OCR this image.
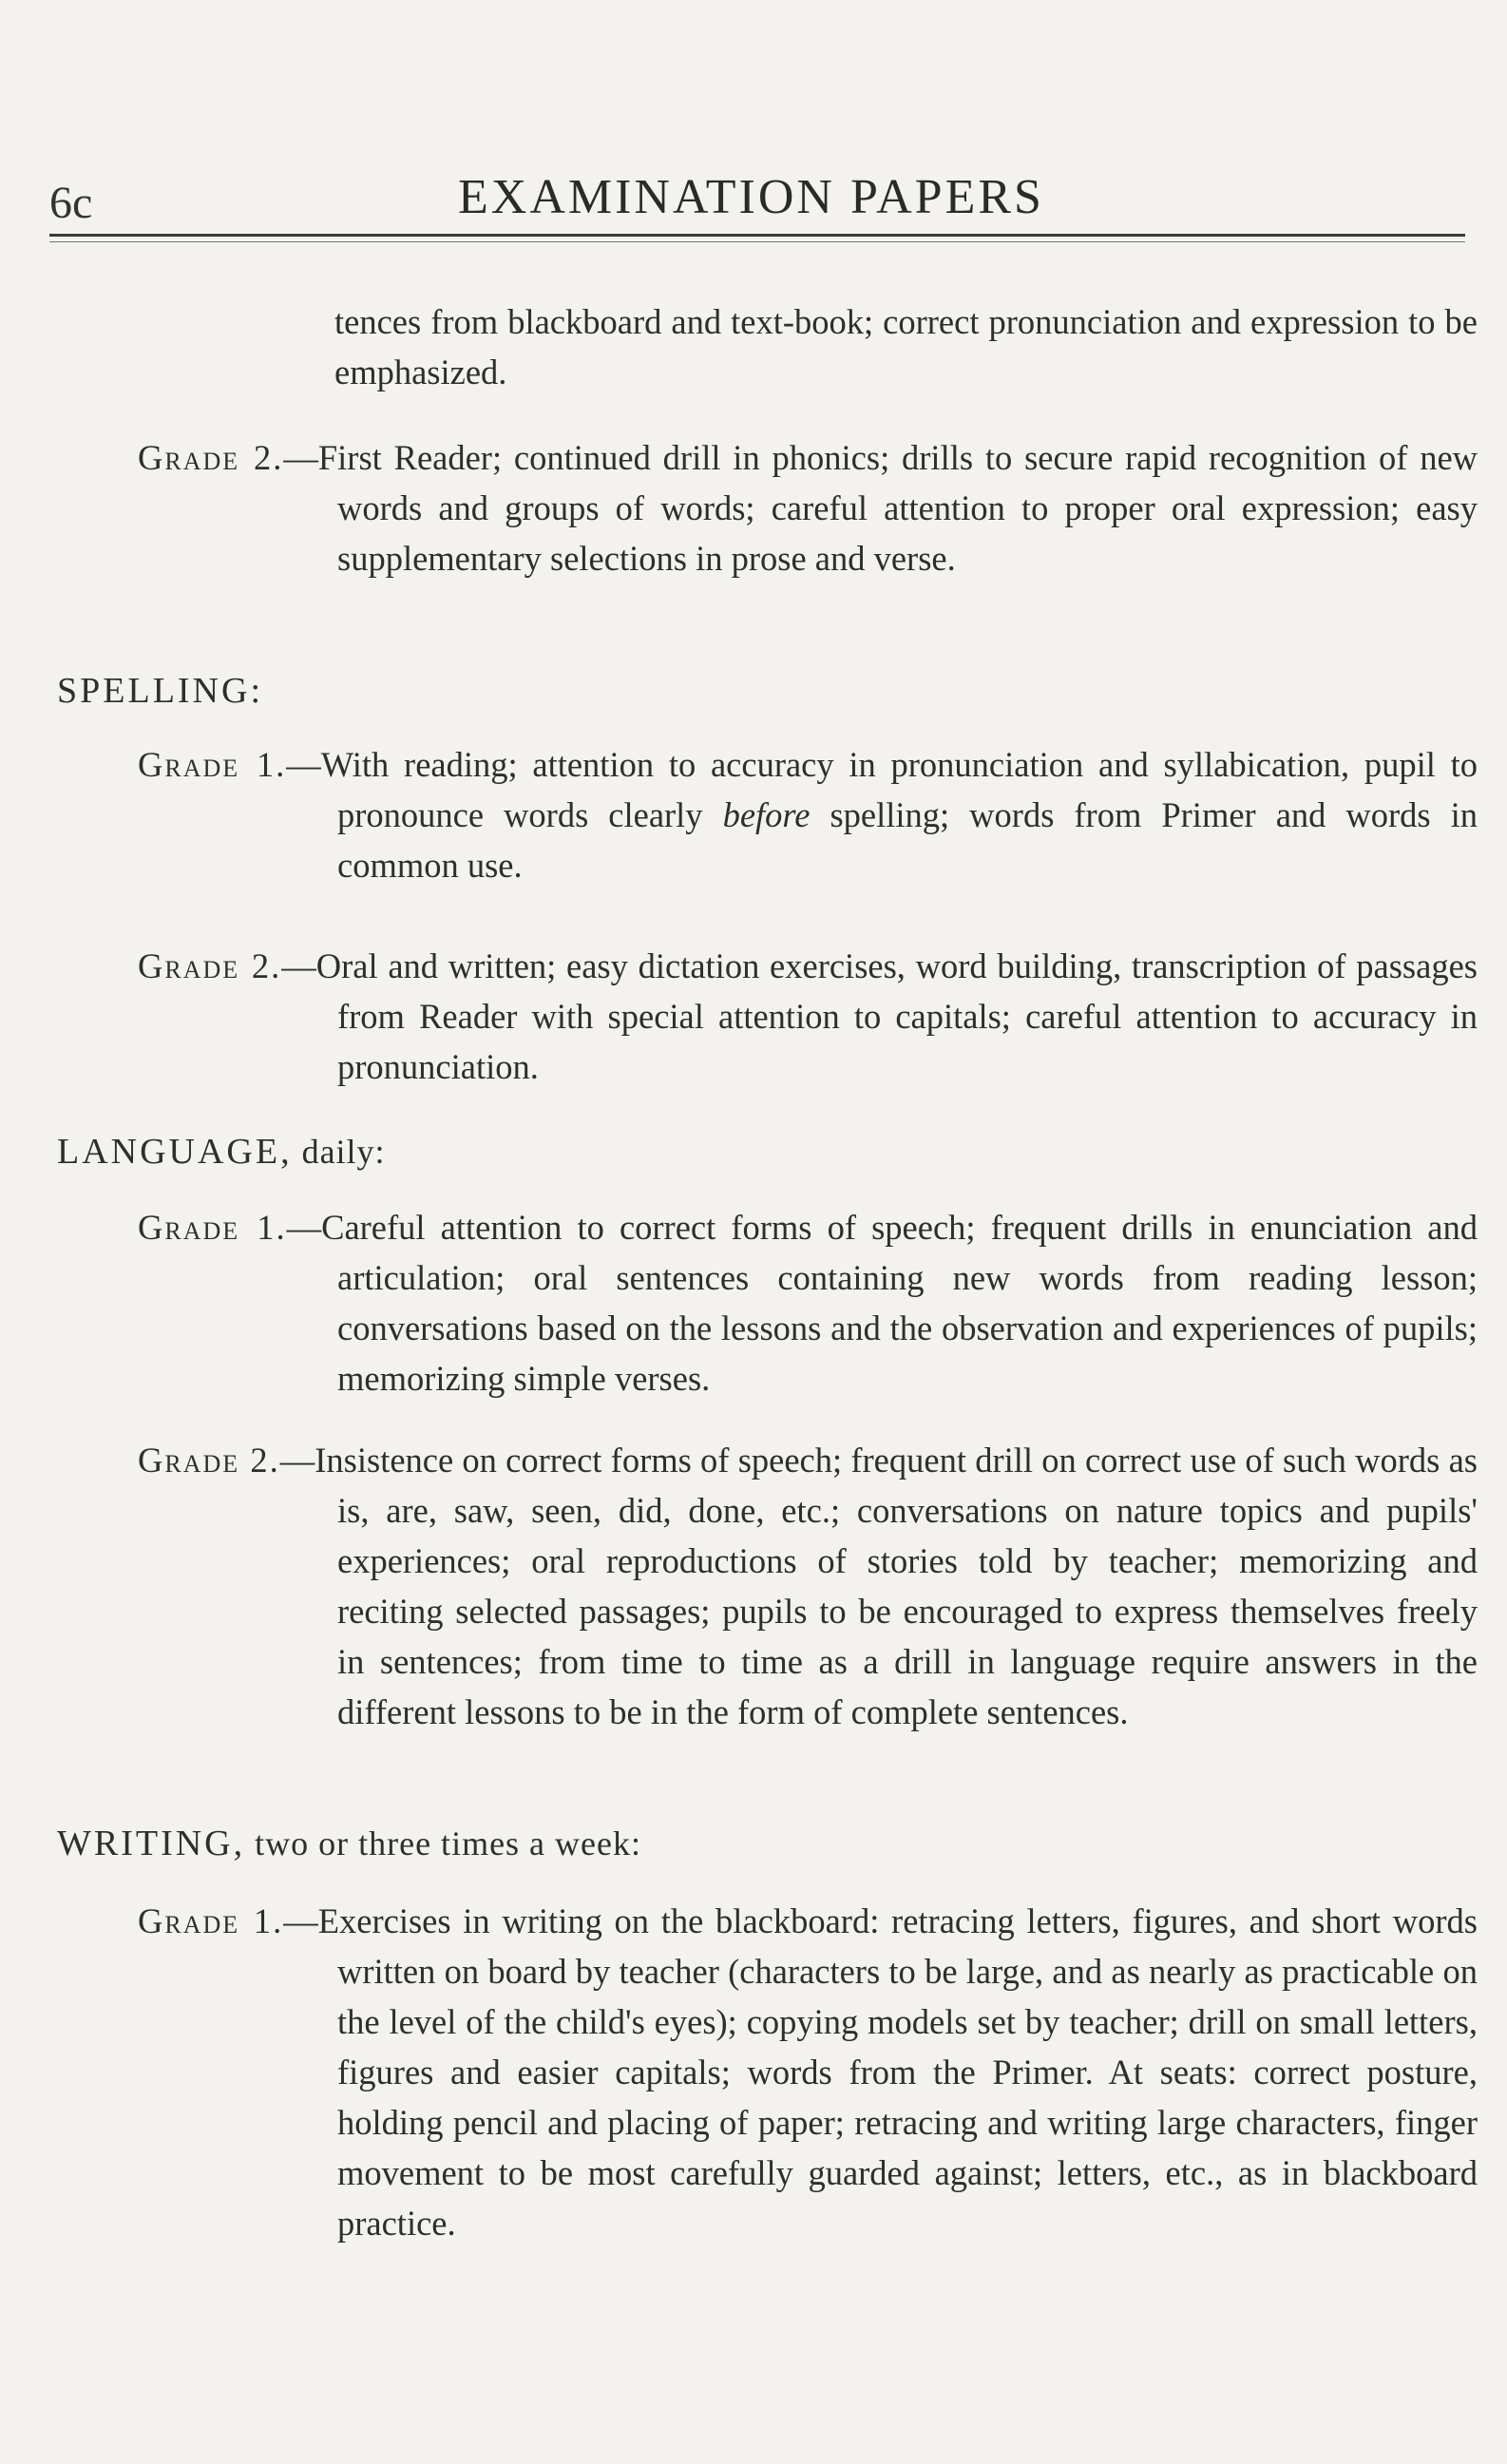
6c	EXAMINATION PAPERS
tences from blackboard and text-book; correct pronunciation and expression to be emphasized.
Grade 2.—First Reader; continued drill in phonics; drills to secure rapid recognition of new words and groups of words; careful attention to proper oral expression; easy supplementary selections in prose and verse.
SPELLING:
Grade 1.—With reading; attention to accuracy in pronunciation and syllabication, pupil to pronounce words clearly before spelling; words from Primer and words in common use.
Grade 2.—Oral and written; easy dictation exercises, word building, transcription of passages from Reader with special attention to capitals; careful attention to accuracy in pronunciation.
LANGUAGE, daily:
Grade 1.—Careful attention to correct forms of speech; frequent drills in enunciation and articulation; oral sentences containing new words from reading lesson; conversations based on the lessons and the observation and experiences of pupils; memorizing simple verses.
Grade 2.—Insistence on correct forms of speech; frequent drill on correct use of such words as is, are, saw, seen, did, done, etc.; conversations on nature topics and pupils' experiences; oral reproductions of stories told by teacher; memorizing and reciting selected passages; pupils to be encouraged to express themselves freely in sentences; from time to time as a drill in language require answers in the different lessons to be in the form of complete sentences.
WRITING, two or three times a week:
Grade 1.—Exercises in writing on the blackboard: retracing letters, figures, and short words written on board by teacher (characters to be large, and as nearly as practicable on the level of the child's eyes); copying models set by teacher; drill on small letters, figures and easier capitals; words from the Primer. At seats: correct posture, holding pencil and placing of paper; retracing and writing large characters, finger movement to be most carefully guarded against; letters, etc., as in blackboard practice.
